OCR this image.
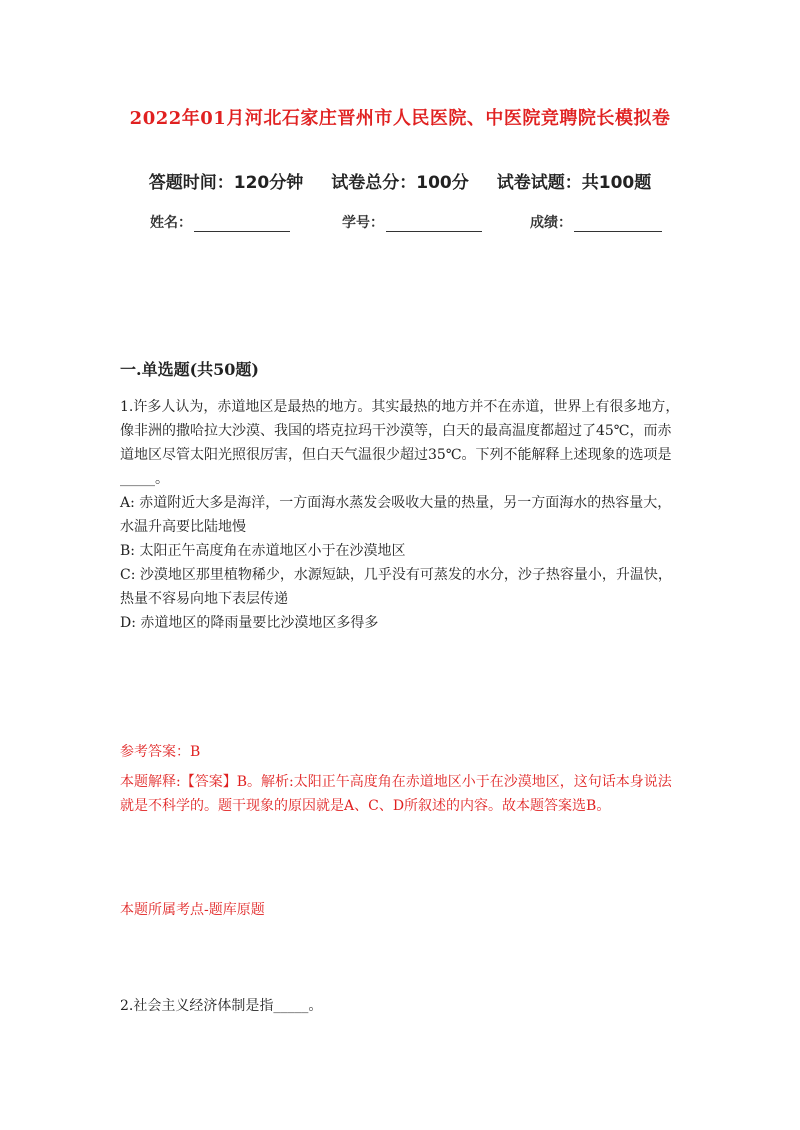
2022年01月河北石家庄晋州市人民医院、中医院竞聘院长模拟卷
答题时间：120分钟 试卷总分：100分 试卷试题：共100题
姓名：	学号：	成绩：
一.单选题(共50题)
1.许多人认为，赤道地区是最热的地方。其实最热的地方并不在赤道，世界上有很多地方，像非洲的撒哈拉大沙漠、我国的塔克拉玛干沙漠等，白天的最高温度都超过了45℃，而赤道地区尽管太阳光照很厉害，但白天气温很少超过35℃。下列不能解释上述现象的选项是_____。
A: 赤道附近大多是海洋，一方面海水蒸发会吸收大量的热量，另一方面海水的热容量大，水温升高要比陆地慢
B: 太阳正午高度角在赤道地区小于在沙漠地区
C: 沙漠地区那里植物稀少，水源短缺，几乎没有可蒸发的水分，沙子热容量小，升温快，热量不容易向地下表层传递
D: 赤道地区的降雨量要比沙漠地区多得多
参考答案：B
本题解释:【答案】B。解析:太阳正午高度角在赤道地区小于在沙漠地区，这句话本身说法就是不科学的。题干现象的原因就是A、C、D所叙述的内容。故本题答案选B。
本题所属考点-题库原题
2.社会主义经济体制是指_____。
